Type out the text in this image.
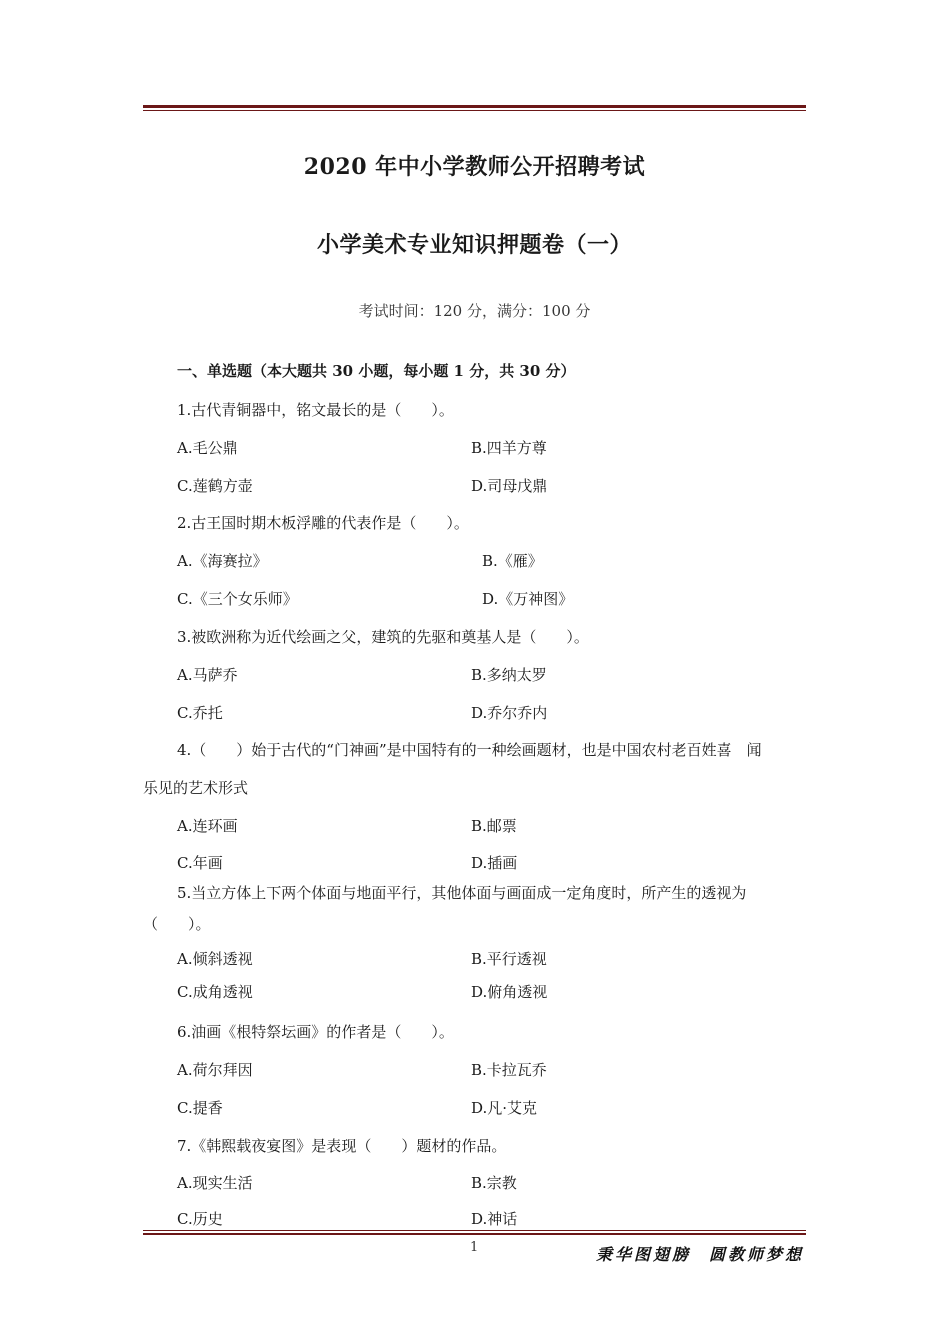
2020 年中小学教师公开招聘考试
小学美术专业知识押题卷（一）
考试时间：120 分，满分：100 分
一、单选题（本大题共 30 小题，每小题 1 分，共 30 分）
1.古代青铜器中，铭文最长的是（　　）。
A.毛公鼎	B.四羊方尊
C.莲鹤方壶	D.司母戊鼎
2.古王国时期木板浮雕的代表作是（　　）。
A.《海赛拉》	B.《雁》
C.《三个女乐师》	D.《万神图》
3.被欧洲称为近代绘画之父，建筑的先驱和奠基人是（　　）。
A.马萨乔	B.多纳太罗
C.乔托	D.乔尔乔内
4.（　　）始于古代的“门神画”是中国特有的一种绘画题材，也是中国农村老百姓喜　闻
乐见的艺术形式
A.连环画	B.邮票
C.年画	D.插画
5.当立方体上下两个体面与地面平行，其他体面与画面成一定角度时，所产生的透视为
（　　）。
A.倾斜透视	B.平行透视
C.成角透视	D.俯角透视
6.油画《根特祭坛画》的作者是（　　）。
A.荷尔拜因	B.卡拉瓦乔
C.提香	D.凡·艾克
7.《韩熙载夜宴图》是表现（　　）题材的作品。
A.现实生活	B.宗教
C.历史	D.神话
1	秉华图翅膀 圆教师梦想
